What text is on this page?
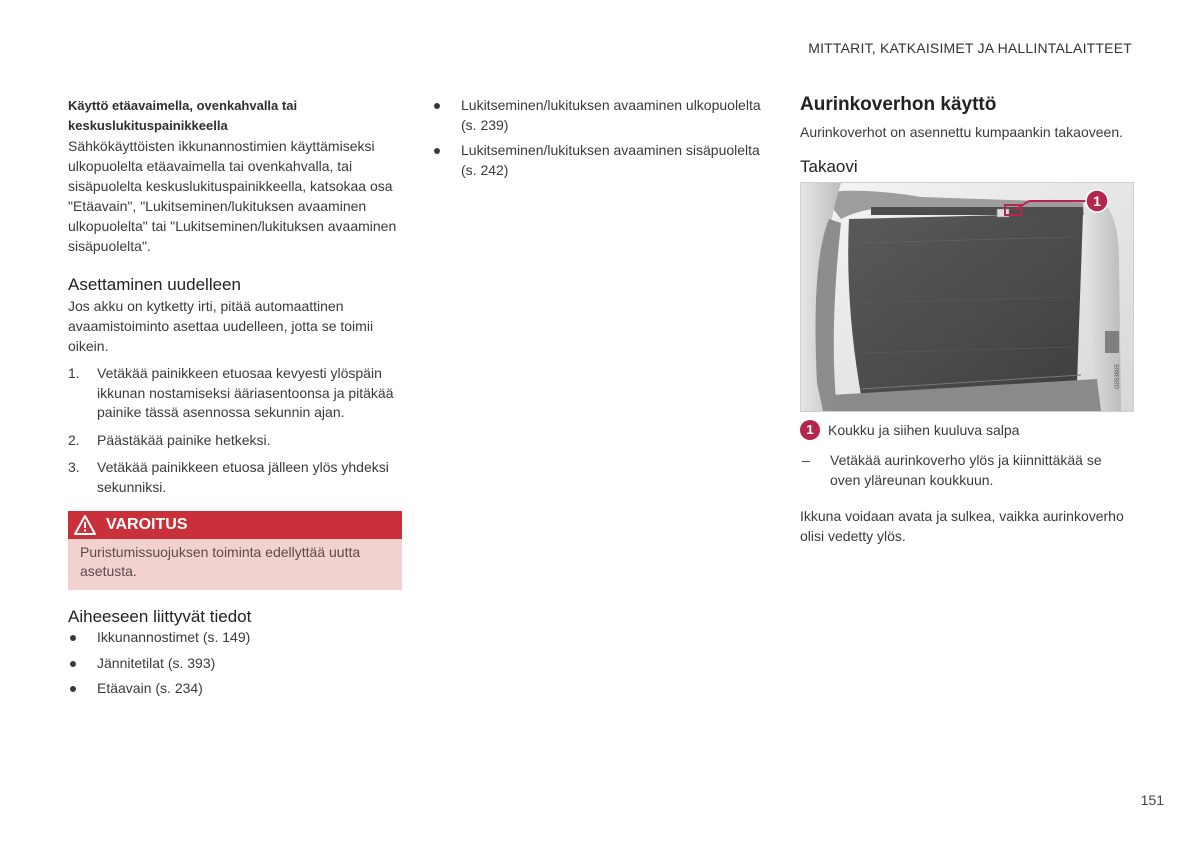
MITTARIT, KATKAISIMET JA HALLINTALAITTEET

Käyttö etäavaimella, ovenkahvalla tai keskuslukituspainikkeella

Sähkökäyttöisten ikkunannostimien käyttämiseksi ulkopuolelta etäavaimella tai ovenkahvalla, tai sisäpuolelta keskuslukituspainikkeella, katsokaa osa "Etäavain", "Lukitseminen/lukituksen avaaminen ulkopuolelta" tai "Lukitseminen/lukituksen avaaminen sisäpuolelta".

Asettaminen uudelleen

Jos akku on kytketty irti, pitää automaattinen avaamistoiminto asettaa uudelleen, jotta se toimii oikein.

1. Vetäkää painikkeen etuosaa kevyesti ylöspäin ikkunan nostamiseksi ääriasentoonsa ja pitäkää painike tässä asennossa sekunnin ajan.
2. Päästäkää painike hetkeksi.
3. Vetäkää painikkeen etuosa jälleen ylös yhdeksi sekunniksi.
VAROITUS
Puristumissuojuksen toiminta edellyttää uutta asetusta.
Aiheeseen liittyvät tiedot
Ikkunannostimet (s. 149)
Jännitetilat (s. 393)
Etäavain (s. 234)
Lukitseminen/lukituksen avaaminen ulkopuolelta (s. 239)
Lukitseminen/lukituksen avaaminen sisäpuolelta (s. 242)
Aurinkoverhon käyttö

Aurinkoverhot on asennettu kumpaankin takaoveen.

Takaovi
1
G053805
1	Koukku ja siihen kuuluva salpa
–	Vetäkää aurinkoverho ylös ja kiinnittäkää se oven yläreunan koukkuun.

Ikkuna voidaan avata ja sulkea, vaikka aurinkoverho olisi vedetty ylös.

151
